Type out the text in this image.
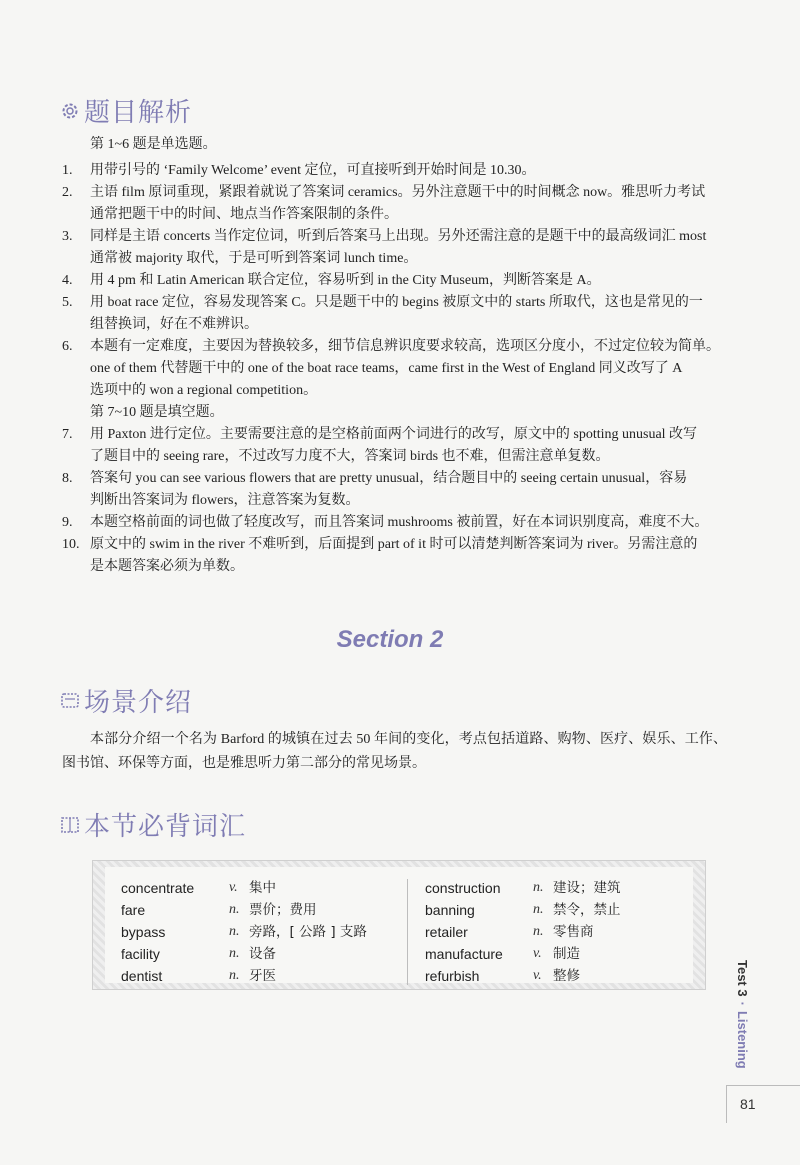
题目解析
第 1~6 题是单选题。
1.	用带引号的 ‘Family Welcome’ event 定位，可直接听到开始时间是 10.30。
2.	主语 film 原词重现，紧跟着就说了答案词 ceramics。另外注意题干中的时间概念 now。雅思听力考试
通常把题干中的时间、地点当作答案限制的条件。
3.	同样是主语 concerts 当作定位词，听到后答案马上出现。另外还需注意的是题干中的最高级词汇 most
通常被 majority 取代，于是可听到答案词 lunch time。
4.	用 4 pm 和 Latin American 联合定位，容易听到 in the City Museum，判断答案是 A。
5.	用 boat race 定位，容易发现答案 C。只是题干中的 begins 被原文中的 starts 所取代，这也是常见的一
组替换词，好在不难辨识。
6.	本题有一定难度，主要因为替换较多，细节信息辨识度要求较高，选项区分度小，不过定位较为简单。
one of them 代替题干中的 one of the boat race teams，came first in the West of England 同义改写了 A
选项中的 won a regional competition。
第 7~10 题是填空题。
7.	用 Paxton 进行定位。主要需要注意的是空格前面两个词进行的改写，原文中的 spotting unusual 改写
了题目中的 seeing rare，不过改写力度不大，答案词 birds 也不难，但需注意单复数。
8.	答案句 you can see various flowers that are pretty unusual，结合题目中的 seeing certain unusual，容易
判断出答案词为 flowers，注意答案为复数。
9.	本题空格前面的词也做了轻度改写，而且答案词 mushrooms 被前置，好在本词识别度高，难度不大。
10. 原文中的 swim in the river 不难听到，后面提到 part of it 时可以清楚判断答案词为 river。另需注意的
是本题答案必须为单数。
Section 2
场景介绍
本部分介绍一个名为 Barford 的城镇在过去 50 年间的变化，考点包括道路、购物、医疗、娱乐、工作、图书馆、环保等方面，也是雅思听力第二部分的常见场景。
本节必背词汇
concentrate	v. 集中
fare	n. 票价；费用
bypass	n. 旁路，[ 公路 ] 支路
facility	n. 设备
dentist	n. 牙医
construction	n. 建设；建筑
banning	n. 禁令，禁止
retailer	n. 零售商
manufacture	v. 制造
refurbish	v. 整修	Test 3·Listening
81
